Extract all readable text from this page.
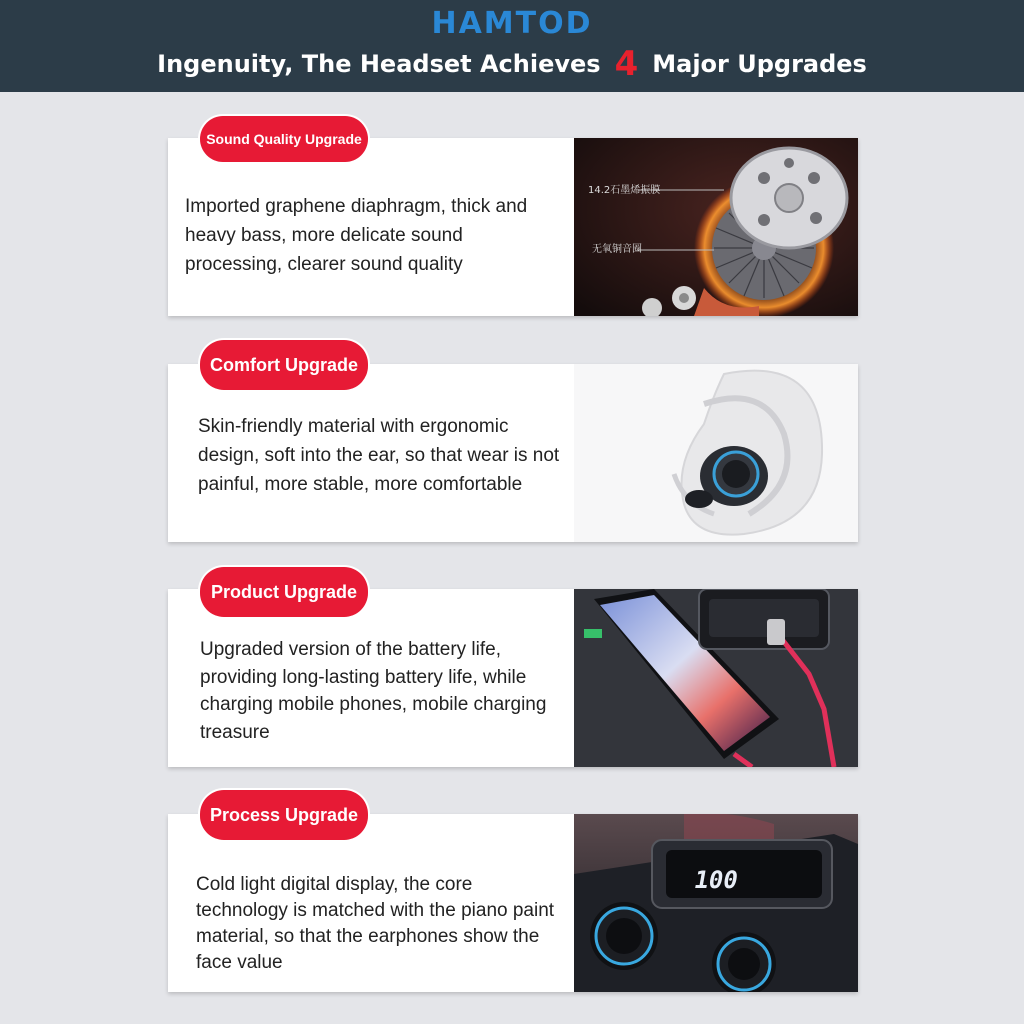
HAMTOD
Ingenuity, The Headset Achieves 4 Major Upgrades
Sound Quality Upgrade
Imported graphene diaphragm, thick and heavy bass, more delicate sound processing, clearer sound quality
14.2石墨烯振膜
无氧铜音圈
Comfort Upgrade
Skin-friendly material with ergonomic design, soft into the ear, so that wear is not painful, more stable, more comfortable
Product Upgrade
Upgraded version of the battery life, providing long-lasting battery life, while charging mobile phones, mobile charging treasure
Process Upgrade
Cold light digital display, the core technology is matched with the piano paint material, so that the earphones show the face value
100
